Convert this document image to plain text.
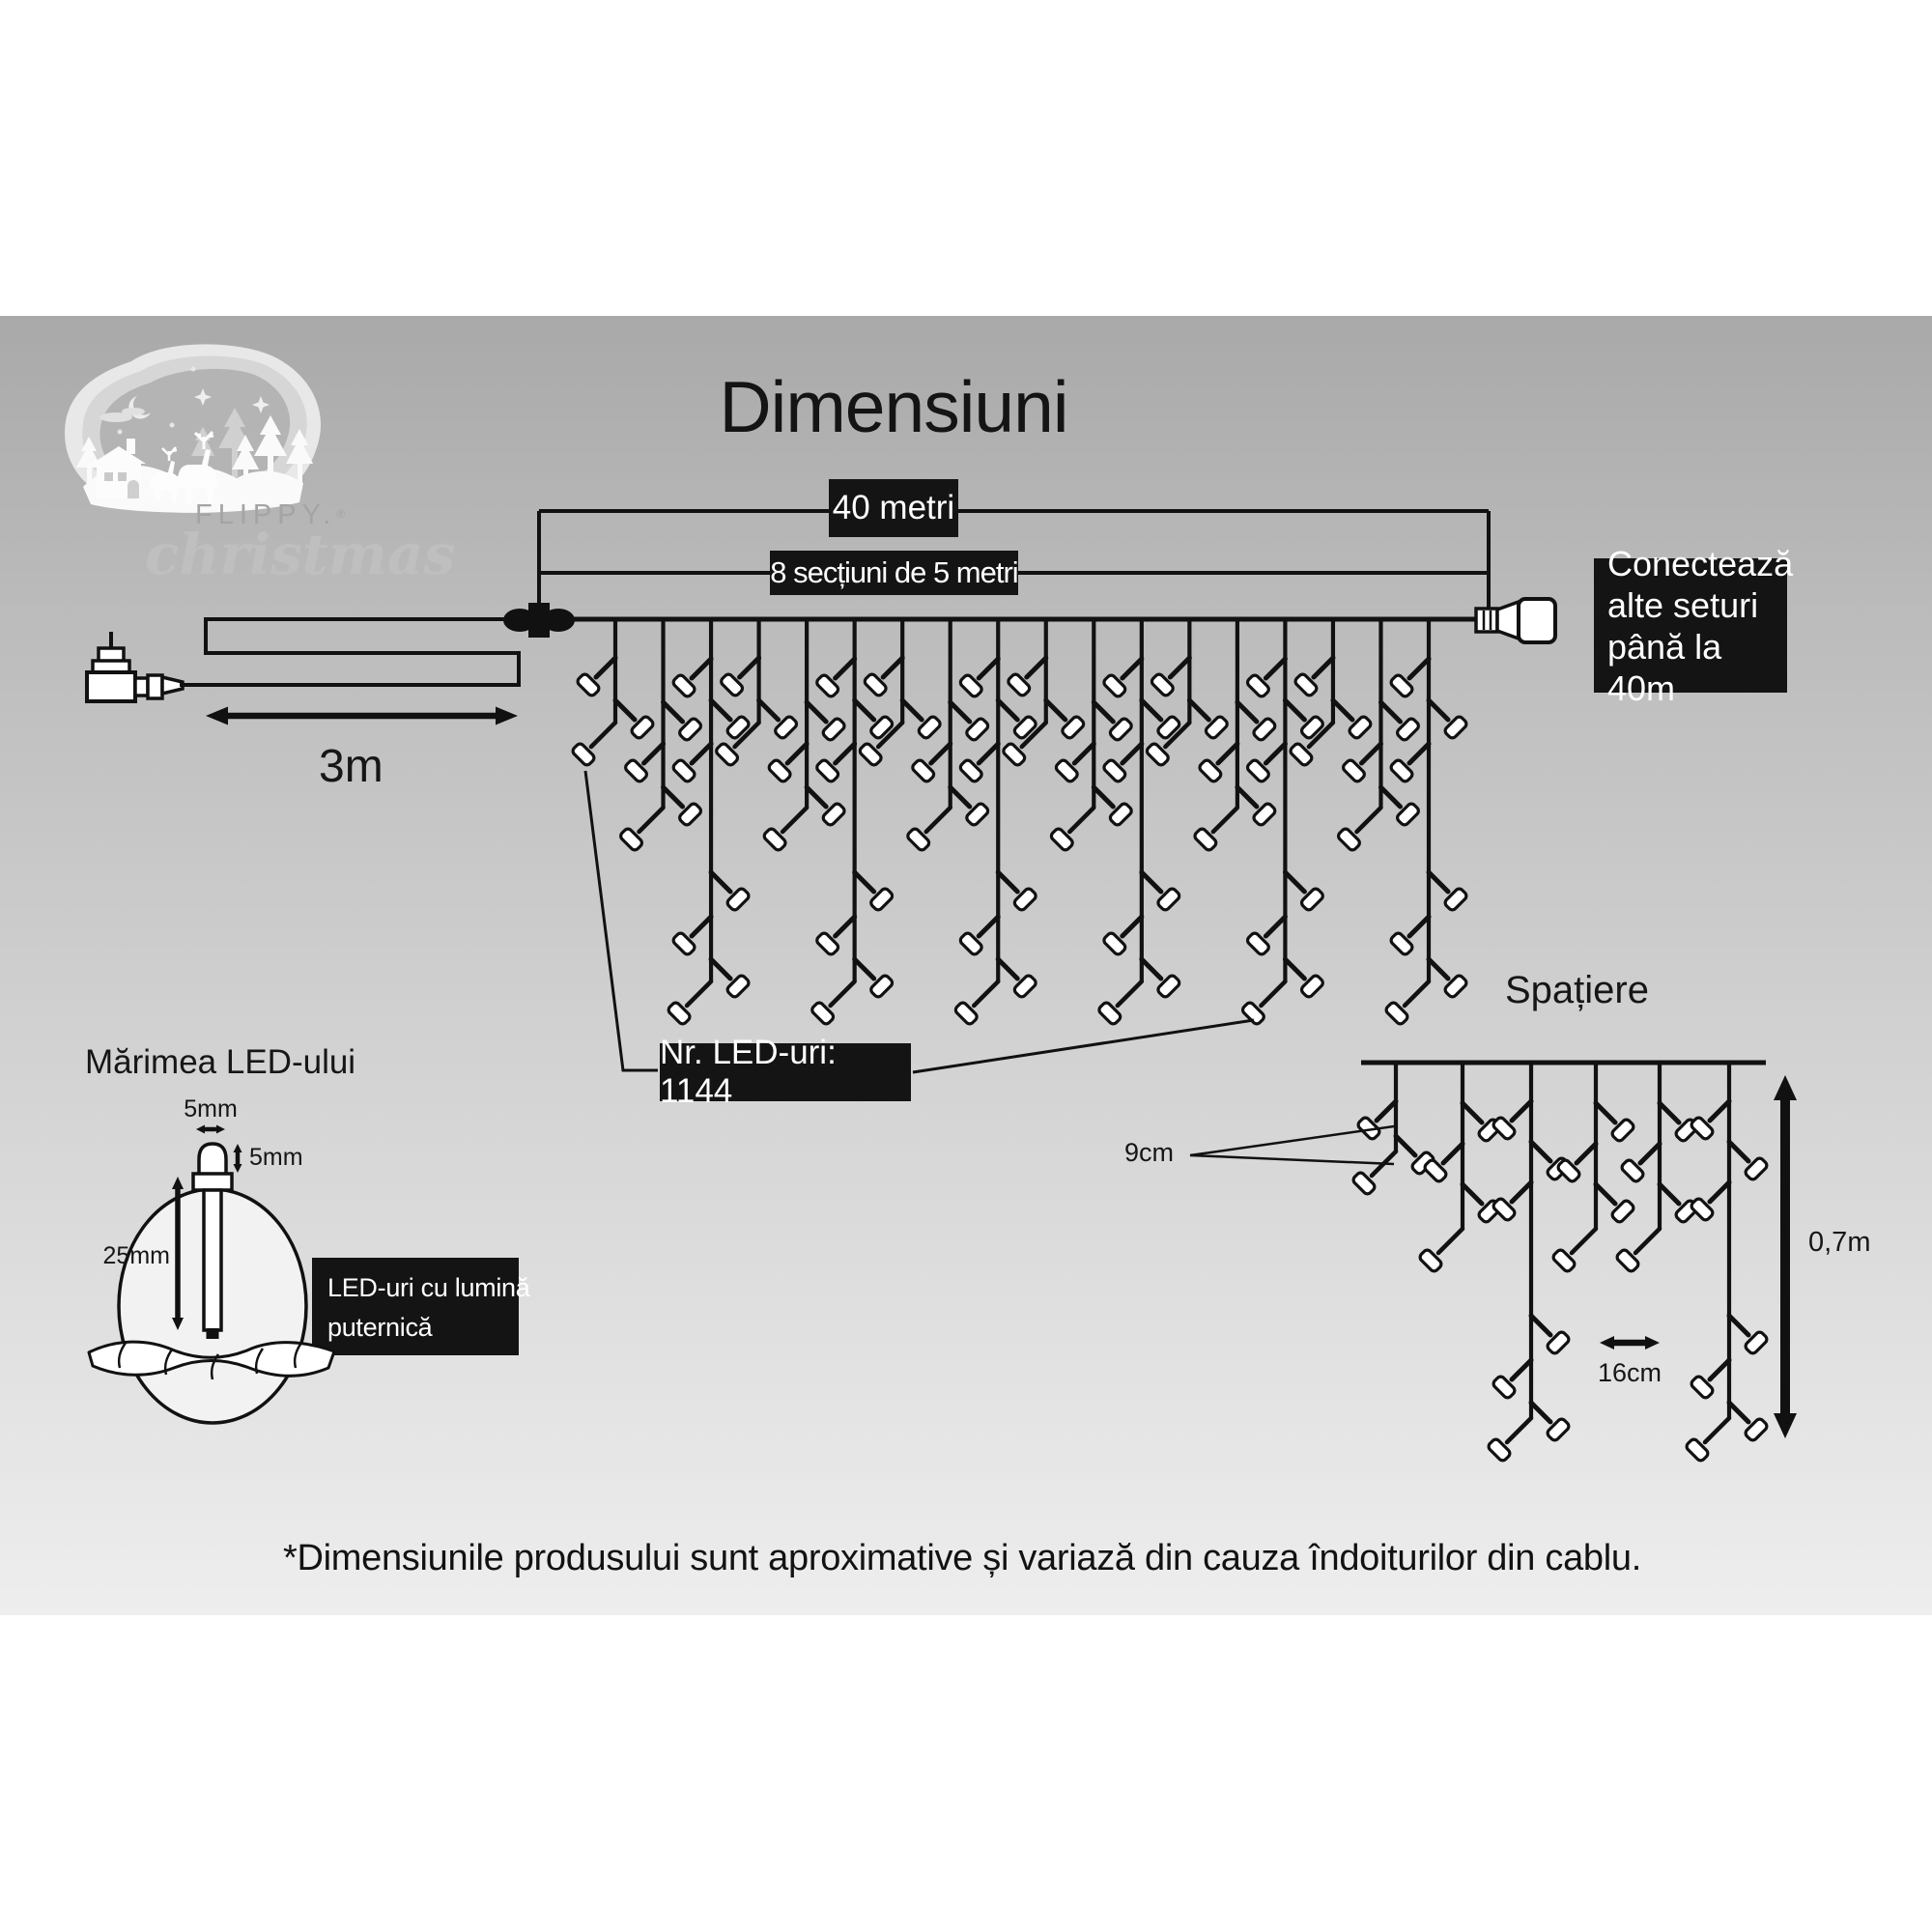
Dimensiuni
FLIPPY.®
christmas
40 metri
8 secțiuni de 5 metri	Conectează
alte seturi
până la 40m
Nr. LED-uri: 1144
3m
Spațiere
9cm
16cm
0,7m
Mărimea LED-ului
5mm
5mm
25mm
LED-uri cu lumină
puternică
*Dimensiunile produsului sunt aproximative și variază din cauza îndoiturilor din cablu.
